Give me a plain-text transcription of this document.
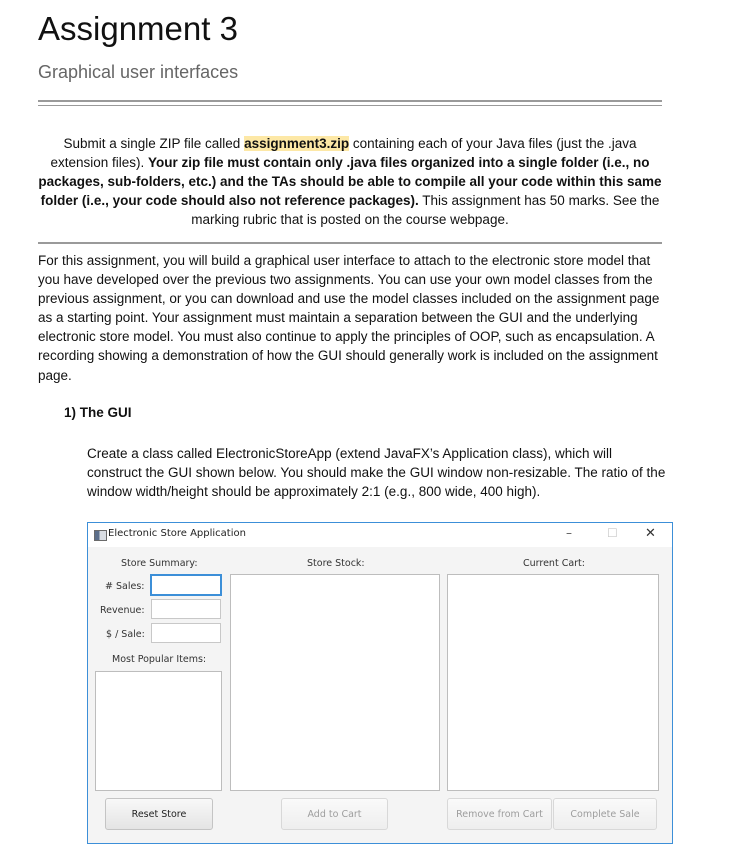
Assignment 3
Graphical user interfaces
Submit a single ZIP file called assignment3.zip containing each of your Java files (just the .java extension files). Your zip file must contain only .java files organized into a single folder (i.e., no packages, sub-folders, etc.) and the TAs should be able to compile all your code within this same folder (i.e., your code should also not reference packages). This assignment has 50 marks. See the marking rubric that is posted on the course webpage.
For this assignment, you will build a graphical user interface to attach to the electronic store model that you have developed over the previous two assignments. You can use your own model classes from the previous assignment, or you can download and use the model classes included on the assignment page as a starting point. Your assignment must maintain a separation between the GUI and the underlying electronic store model. You must also continue to apply the principles of OOP, such as encapsulation. A recording showing a demonstration of how the GUI should generally work is included on the assignment page.
1) The GUI
Create a class called ElectronicStoreApp (extend JavaFX’s Application class), which will construct the GUI shown below. You should make the GUI window non-resizable. The ratio of the window width/height should be approximately 2:1 (e.g., 800 wide, 400 high).
Electronic Store Application	–	☐ ✕
Store Summary:
# Sales:
Revenue:
$ / Sale:
Most Popular Items:
Store Stock:	Current Cart:
Reset Store	Add to Cart	Remove from Cart	Complete Sale
